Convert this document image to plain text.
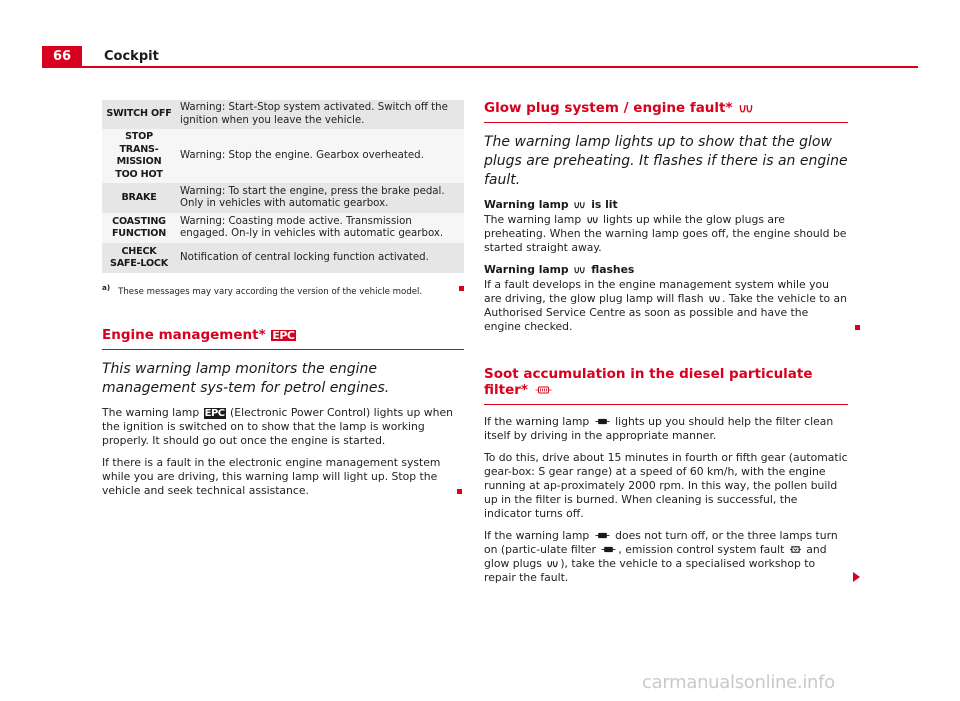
66	Cockpit
SWITCH OFF	Warning: Start-Stop system activated. Switch off the ignition when you leave the vehicle.
STOP TRANS-MISSION TOO HOT	Warning: Stop the engine. Gearbox overheated.
BRAKE	Warning: To start the engine, press the brake pedal. Only in vehicles with automatic gearbox.
COASTING FUNCTION	Warning: Coasting mode active. Transmission engaged. On-ly in vehicles with automatic gearbox.
CHECK SAFE-LOCK	Notification of central locking function activated.
$^{a)}$ These messages may vary according the version of the vehicle model.
Engine management* EPC

This warning lamp monitors the engine management sys-tem for petrol engines.

The warning lamp EPC (Electronic Power Control) lights up when the ignition is switched on to show that the lamp is working properly. It should go out once the engine is started.

If there is a fault in the electronic engine management system while you are driving, this warning lamp will light up. Stop the vehicle and seek technical assistance.

Glow plug system / engine fault*

The warning lamp lights up to show that the glow plugs are preheating. It flashes if there is an engine fault.

Warning lamp is lit

The warning lamp lights up while the glow plugs are preheating. When the warning lamp goes off, the engine should be started straight away.

Warning lamp flashes

If a fault develops in the engine management system while you are driving, the glow plug lamp will flash . Take the vehicle to an Authorised Service Centre as soon as possible and have the engine checked.

Soot accumulation in the diesel particulate filter*

If the warning lamp lights up you should help the filter clean itself by driving in the appropriate manner.

To do this, drive about 15 minutes in fourth or fifth gear (automatic gear-box: S gear range) at a speed of 60 km/h, with the engine running at ap-proximately 2000 rpm. In this way, the pollen build up in the filter is burned. When cleaning is successful, the indicator turns off.

If the warning lamp does not turn off, or the three lamps turn on (partic-ulate filter , emission control system fault and glow plugs ), take the vehicle to a specialised workshop to repair the fault.

carmanualsonline.info
